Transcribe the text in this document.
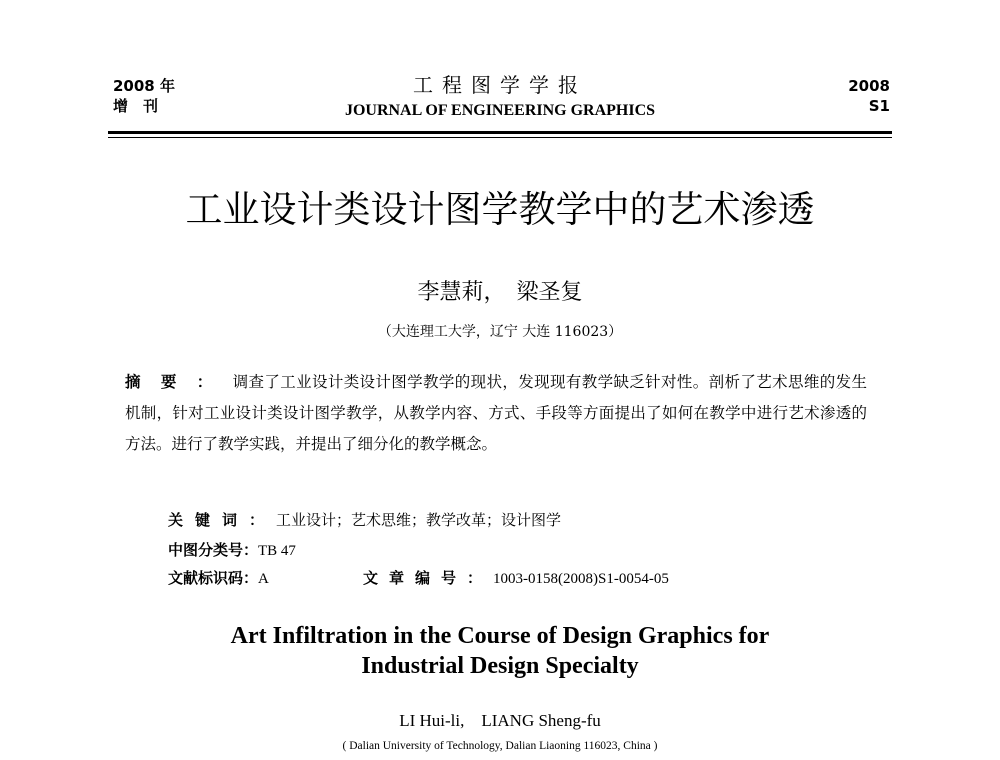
2008 年
增　刊
工程图学学报
JOURNAL OF ENGINEERING GRAPHICS
2008
S1
工业设计类设计图学教学中的艺术渗透
李慧莉，　梁圣复
（大连理工大学，辽宁 大连 116023）
摘要：调查了工业设计类设计图学教学的现状，发现现有教学缺乏针对性。剖析了艺术思维的发生机制，针对工业设计类设计图学教学，从教学内容、方式、手段等方面提出了如何在教学中进行艺术渗透的方法。进行了教学实践，并提出了细分化的教学概念。
关键词：工业设计；艺术思维；教学改革；设计图学
中图分类号：TB 47
文献标识码：A	文章编号：1003-0158(2008)S1-0054-05
Art Infiltration in the Course of Design Graphics for
Industrial Design Specialty
LI Hui-li,　LIANG Sheng-fu
( Dalian University of Technology, Dalian Liaoning 116023, China )
